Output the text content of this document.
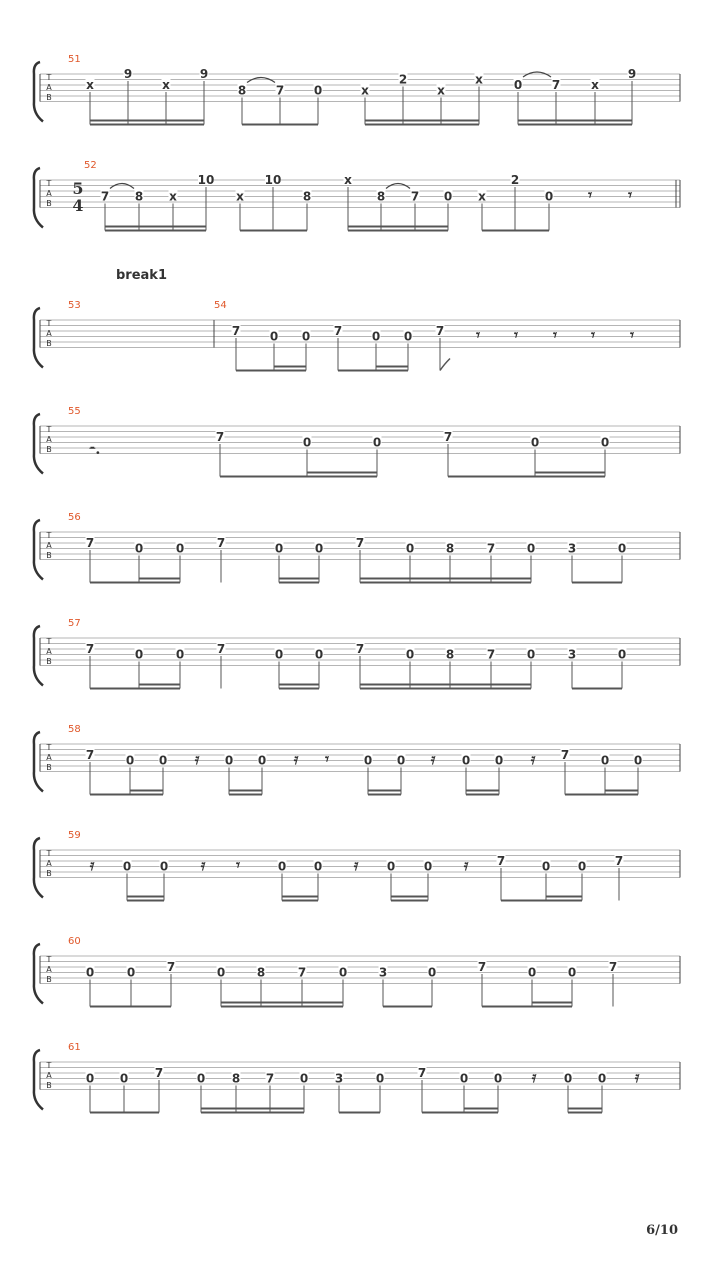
break1
6/10
51
T
A
B
x
9
x
9
8 7 0	x
2
x
x	0 7	x
9
52
T
A
B
5
4 7 8 x
10
x
10
8
x
8 7 0 x
2
0 𝄾 𝄾
53	54
T
A
B
7 0 0 7 0 0 7 𝄾 𝄾 𝄾 𝄾 𝄾
55
T
A
B
7	0	0	7	0	0
𝄼.
56
T
A
B
7	0	0	7	0	0	7	0	8	7	0	3	0
57
T
A
B
7	0	0	7	0	0	7	0	8	7	0	3	0
58
T
A
B
7	0 0	0 0	0 0	0 0	7	0 0
𝄿	𝄿 𝄾	𝄿	𝄿
59
T
A
B	0 0	0 0	0 0	7	0 0 7
𝄿	𝄿 𝄾	𝄿	𝄿
60
T
A
B	0	0	7	0	8	7	0	3	0	7	0	0	7
61
T
A
B	0 0 7	0 8 7 0 3	0	7	0 0	0 0
𝄿	𝄿
